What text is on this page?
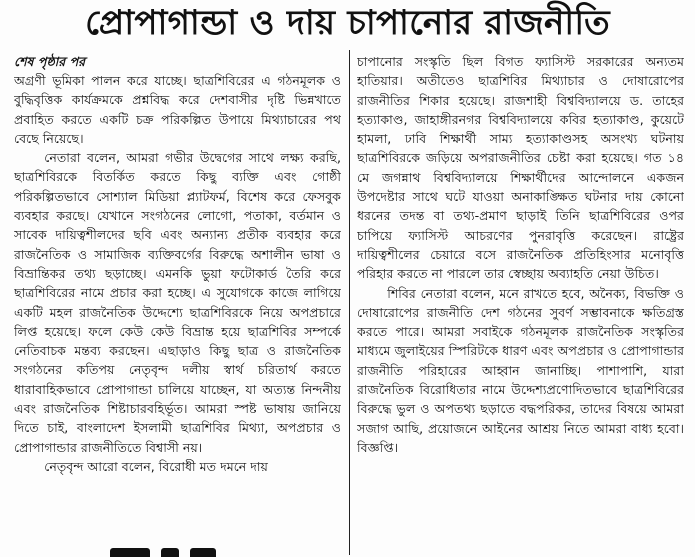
প্রোপাগান্ডা ও দায় চাপানোর রাজনীতি
শেষ পৃষ্ঠার পর

অগ্রণী ভূমিকা পালন করে যাচ্ছে। ছাত্রশিবিরের এ গঠনমূলক ও বুদ্ধিবৃত্তিক কার্যক্রমকে প্রশ্নবিদ্ধ করে দেশবাসীর দৃষ্টি ভিন্নখাতে প্রবাহিত করতে একটি চক্র পরিকল্পিত উপায়ে মিথ্যাচারের পথ বেছে নিয়েছে।

নেতারা বলেন, আমরা গভীর উদ্বেগের সাথে লক্ষ্য করছি, ছাত্রশিবিরকে বিতর্কিত করতে কিছু ব্যক্তি এবং গোষ্ঠী পরিকল্পিতভাবে সোশ্যাল মিডিয়া প্ল্যাটফর্ম, বিশেষ করে ফেসবুক ব্যবহার করছে। যেখানে সংগঠনের লোগো, পতাকা, বর্তমান ও সাবেক দায়িত্বশীলদের ছবি এবং অন্যান্য প্রতীক ব্যবহার করে রাজনৈতিক ও সামাজিক ব্যক্তিবর্গের বিরুদ্ধে অশালীন ভাষা ও বিভ্রান্তিকর তথ্য ছড়াচ্ছে। এমনকি ভুয়া ফটোকার্ড তৈরি করে ছাত্রশিবিরের নামে প্রচার করা হচ্ছে। এ সুযোগকে কাজে লাগিয়ে একটি মহল রাজনৈতিক উদ্দেশ্যে ছাত্রশিবিরকে নিয়ে অপপ্রচারে লিপ্ত হয়েছে। ফলে কেউ কেউ বিভ্রান্ত হয়ে ছাত্রশিবির সম্পর্কে নেতিবাচক মন্তব্য করছেন। এছাড়াও কিছু ছাত্র ও রাজনৈতিক সংগঠনের কতিপয় নেতৃবৃন্দ দলীয় স্বার্থ চরিতার্থ করতে ধারাবাহিকভাবে প্রোপাগান্ডা চালিয়ে যাচ্ছেন, যা অত্যন্ত নিন্দনীয় এবং রাজনৈতিক শিষ্টাচারবহির্ভূত। আমরা স্পষ্ট ভাষায় জানিয়ে দিতে চাই, বাংলাদেশ ইসলামী ছাত্রশিবির মিথ্যা, অপপ্রচার ও প্রোপাগান্ডার রাজনীতিতে বিশ্বাসী নয়।

নেতৃবৃন্দ আরো বলেন, বিরোধী মত দমনে দায়

চাপানোর সংস্কৃতি ছিল বিগত ফ্যাসিস্ট সরকারের অন্যতম হাতিয়ার। অতীতেও ছাত্রশিবির মিথ্যাচার ও দোষারোপের রাজনীতির শিকার হয়েছে। রাজশাহী বিশ্ববিদ্যালয়ে ড. তাহের হত্যাকাণ্ড, জাহাঙ্গীরনগর বিশ্ববিদ্যালয়ে কবির হত্যাকাণ্ড, কুয়েটে হামলা, ঢাবি শিক্ষার্থী সাম্য হত্যাকাণ্ডসহ অসংখ্য ঘটনায় ছাত্রশিবিরকে জড়িয়ে অপরাজনীতির চেষ্টা করা হয়েছে। গত ১৪ মে জগন্নাথ বিশ্ববিদ্যালয়ে শিক্ষার্থীদের আন্দোলনে একজন উপদেষ্টার সাথে ঘটে যাওয়া অনাকাঙ্ক্ষিত ঘটনার দায় কোনো ধরনের তদন্ত বা তথ্য-প্রমাণ ছাড়াই তিনি ছাত্রশিবিরের ওপর চাপিয়ে ফ্যাসিস্ট আচরণের পুনরাবৃত্তি করেছেন। রাষ্ট্রের দায়িত্বশীলের চেয়ারে বসে রাজনৈতিক প্রতিহিংসার মনোবৃত্তি পরিহার করতে না পারলে তার স্বেচ্ছায় অব্যাহতি নেয়া উচিত।

শিবির নেতারা বলেন, মনে রাখতে হবে, অনৈক্য, বিভক্তি ও দোষারোপের রাজনীতি দেশ গঠনের সুবর্ণ সম্ভাবনাকে ক্ষতিগ্রস্ত করতে পারে। আমরা সবাইকে গঠনমূলক রাজনৈতিক সংস্কৃতির মাধ্যমে জুলাইয়ের স্পিরিটকে ধারণ এবং অপপ্রচার ও প্রোপাগান্ডার রাজনীতি পরিহারের আহ্বান জানাচ্ছি। পাশাপাশি, যারা রাজনৈতিক বিরোধিতার নামে উদ্দেশ্যপ্রণোদিতভাবে ছাত্রশিবিরের বিরুদ্ধে ভুল ও অপতথ্য ছড়াতে বদ্ধপরিকর, তাদের বিষয়ে আমরা সজাগ আছি, প্রয়োজনে আইনের আশ্রয় নিতে আমরা বাধ্য হবো। বিজ্ঞপ্তি।
